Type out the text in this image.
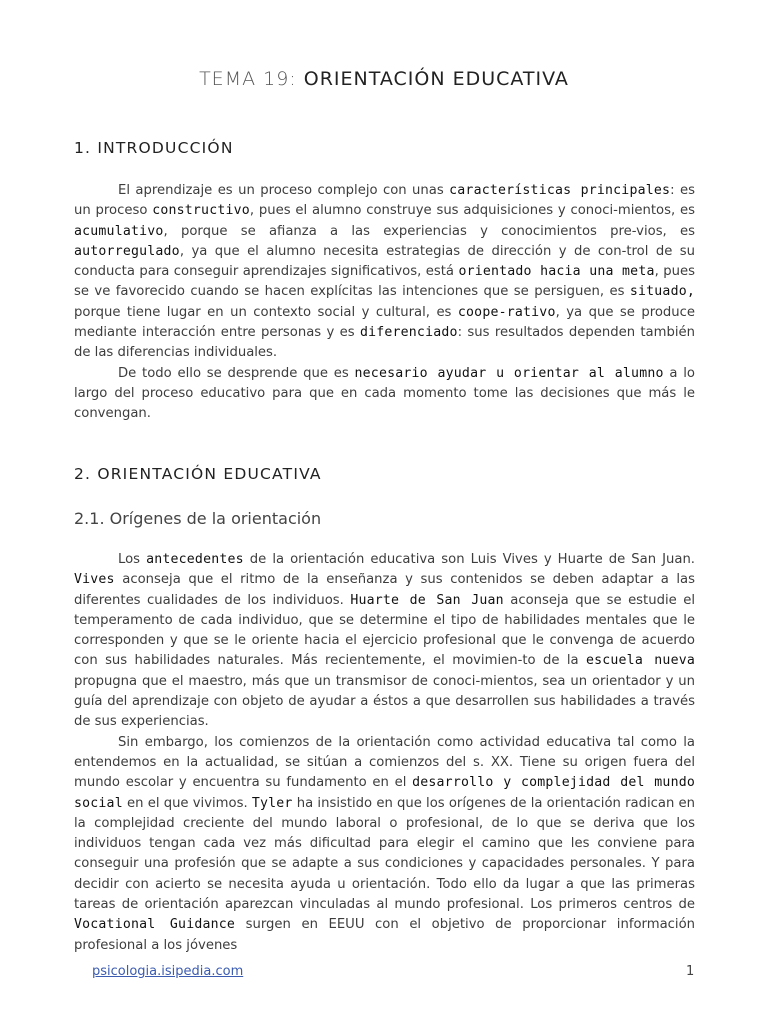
TEMA 19: ORIENTACIÓN EDUCATIVA
1. INTRODUCCIÓN

El aprendizaje es un proceso complejo con unas características principales: es un proceso constructivo, pues el alumno construye sus adquisiciones y conoci-mientos, es acumulativo, porque se afianza a las experiencias y conocimientos pre-vios, es autorregulado, ya que el alumno necesita estrategias de dirección y de con-trol de su conducta para conseguir aprendizajes significativos, está orientado hacia una meta, pues se ve favorecido cuando se hacen explícitas las intenciones que se persiguen, es situado, porque tiene lugar en un contexto social y cultural, es coope-rativo, ya que se produce mediante interacción entre personas y es diferenciado: sus resultados dependen también de las diferencias individuales.

De todo ello se desprende que es necesario ayudar u orientar al alumno a lo largo del proceso educativo para que en cada momento tome las decisiones que más le convengan.

2. ORIENTACIÓN EDUCATIVA
2.1. Orígenes de la orientación

Los antecedentes de la orientación educativa son Luis Vives y Huarte de San Juan. Vives aconseja que el ritmo de la enseñanza y sus contenidos se deben adaptar a las diferentes cualidades de los individuos. Huarte de San Juan aconseja que se estudie el temperamento de cada individuo, que se determine el tipo de habilidades mentales que le corresponden y que se le oriente hacia el ejercicio profesional que le convenga de acuerdo con sus habilidades naturales. Más recientemente, el movimien-to de la escuela nueva propugna que el maestro, más que un transmisor de conoci-mientos, sea un orientador y un guía del aprendizaje con objeto de ayudar a éstos a que desarrollen sus habilidades a través de sus experiencias.

Sin embargo, los comienzos de la orientación como actividad educativa tal como la entendemos en la actualidad, se sitúan a comienzos del s. XX. Tiene su origen fuera del mundo escolar y encuentra su fundamento en el desarrollo y complejidad del mundo social en el que vivimos. Tyler ha insistido en que los orígenes de la orientación radican en la complejidad creciente del mundo laboral o profesional, de lo que se deriva que los individuos tengan cada vez más dificultad para elegir el camino que les conviene para conseguir una profesión que se adapte a sus condiciones y capacidades personales. Y para decidir con acierto se necesita ayuda u orientación. Todo ello da lugar a que las primeras tareas de orientación aparezcan vinculadas al mundo profesional. Los primeros centros de Vocational Guidance surgen en EEUU con el objetivo de proporcionar información profesional a los jóvenes

psicologia.isipedia.com	1
